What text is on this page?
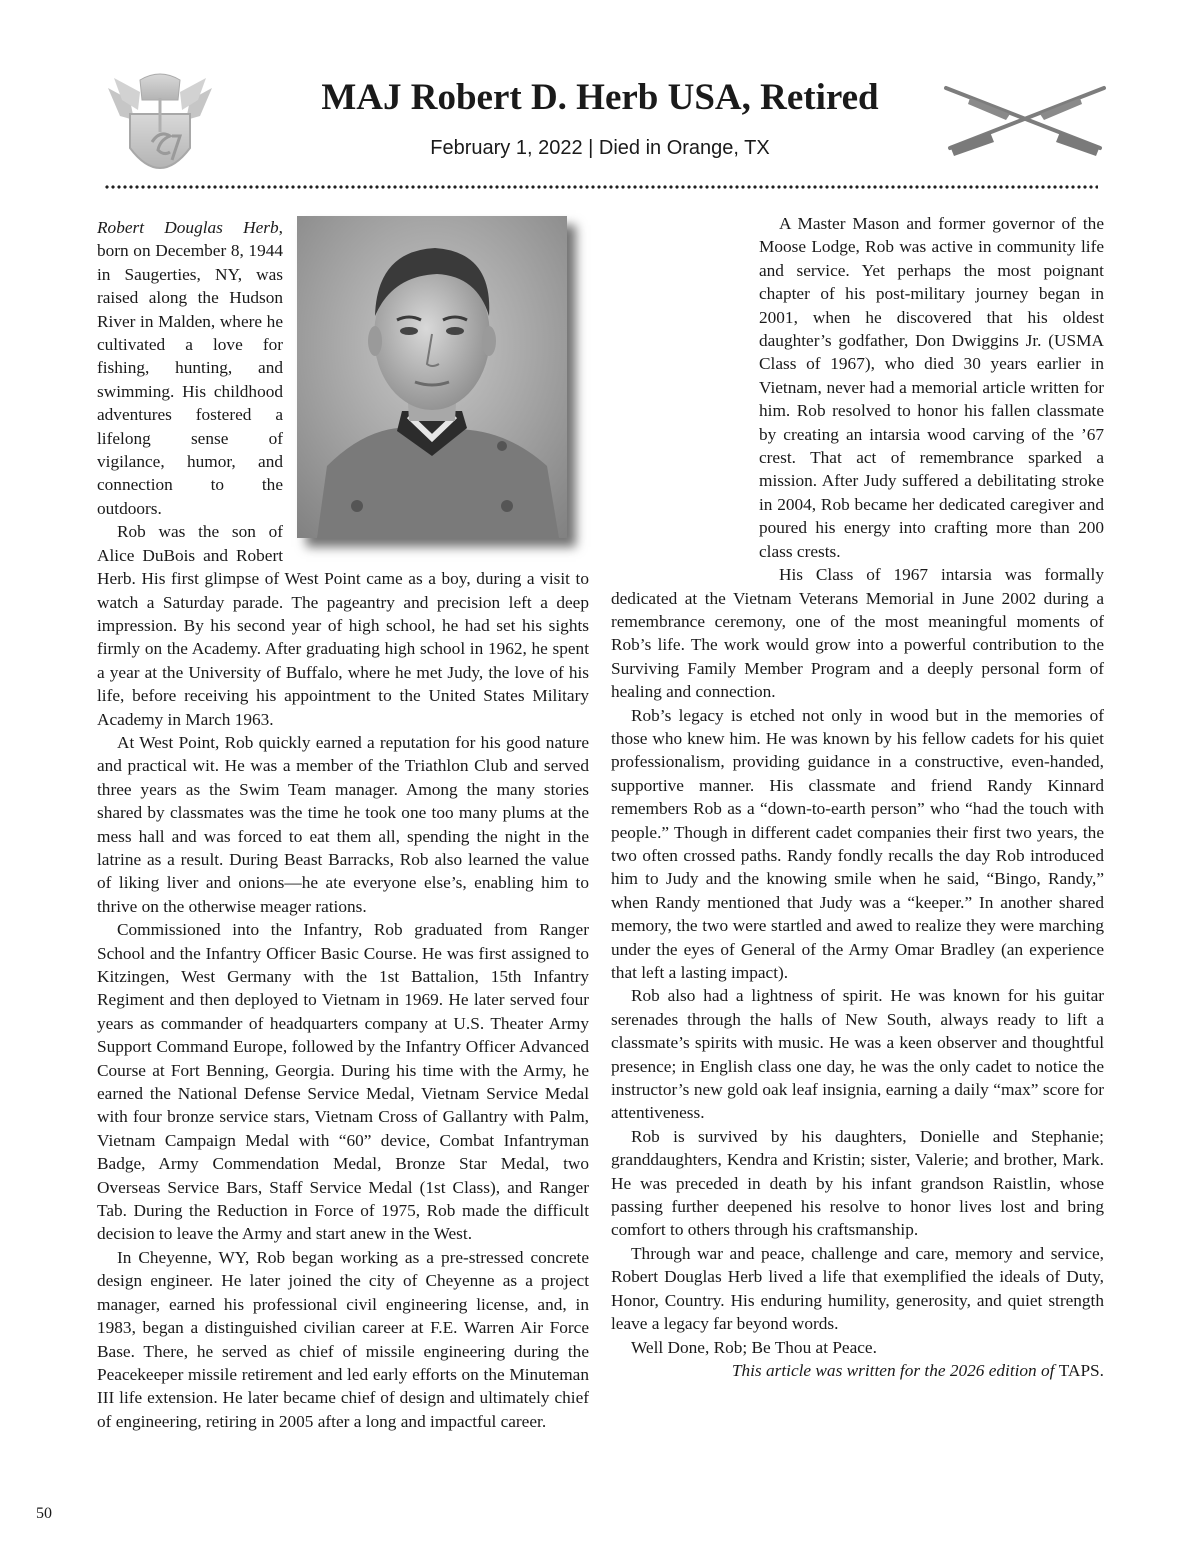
MAJ Robert D. Herb USA, Retired
February 1, 2022 | Died in Orange, TX

Robert Douglas Herb, born on December 8, 1944 in Saugerties, NY, was raised along the Hudson River in Malden, where he cultivated a love for fishing, hunting, and swimming. His childhood adventures fostered a lifelong sense of vigilance, humor, and connection to the outdoors.

Rob was the son of Alice DuBois and Robert Herb. His first glimpse of West Point came as a boy, during a visit to watch a Saturday parade. The pageantry and precision left a deep impression. By his second year of high school, he had set his sights firmly on the Academy. After graduating high school in 1962, he spent a year at the University of Buffalo, where he met Judy, the love of his life, before receiving his appointment to the United States Military Academy in March 1963.

At West Point, Rob quickly earned a reputation for his good nature and practical wit. He was a member of the Triathlon Club and served three years as the Swim Team manager. Among the many stories shared by classmates was the time he took one too many plums at the mess hall and was forced to eat them all, spending the night in the latrine as a result. During Beast Barracks, Rob also learned the value of liking liver and onions—he ate everyone else’s, enabling him to thrive on the otherwise meager rations.

Commissioned into the Infantry, Rob graduated from Ranger School and the Infantry Officer Basic Course. He was first assigned to Kitzingen, West Germany with the 1st Battalion, 15th Infantry Regiment and then deployed to Vietnam in 1969. He later served four years as commander of headquarters company at U.S. Theater Army Support Command Europe, followed by the Infantry Officer Advanced Course at Fort Benning, Georgia. During his time with the Army, he earned the National Defense Service Medal, Vietnam Service Medal with four bronze service stars, Vietnam Cross of Gallantry with Palm, Vietnam Campaign Medal with “60” device, Combat Infantryman Badge, Army Commendation Medal, Bronze Star Medal, two Overseas Service Bars, Staff Service Medal (1st Class), and Ranger Tab. During the Reduction in Force of 1975, Rob made the difficult decision to leave the Army and start anew in the West.

In Cheyenne, WY, Rob began working as a pre-stressed concrete design engineer. He later joined the city of Cheyenne as a project manager, earned his professional civil engineering license, and, in 1983, began a distinguished civilian career at F.E. Warren Air Force Base. There, he served as chief of missile engineering during the Peacekeeper missile retirement and led early efforts on the Minuteman III life extension. He later became chief of design and ultimately chief of engineering, retiring in 2005 after a long and impactful career.

A Master Mason and former governor of the Moose Lodge, Rob was active in community life and service. Yet perhaps the most poignant chapter of his post-military journey began in 2001, when he discovered that his oldest daughter’s godfather, Don Dwiggins Jr. (USMA Class of 1967), who died 30 years earlier in Vietnam, never had a memorial article written for him. Rob resolved to honor his fallen classmate by creating an intarsia wood carving of the ’67 crest. That act of remembrance sparked a mission. After Judy suffered a debilitating stroke in 2004, Rob became her dedicated caregiver and poured his energy into crafting more than 200 class crests.

His Class of 1967 intarsia was formally dedicated at the Vietnam Veterans Memorial in June 2002 during a remembrance ceremony, one of the most meaningful moments of Rob’s life. The work would grow into a powerful contribution to the Surviving Family Member Program and a deeply personal form of healing and connection.

Rob’s legacy is etched not only in wood but in the memories of those who knew him. He was known by his fellow cadets for his quiet professionalism, providing guidance in a constructive, even-handed, supportive manner. His classmate and friend Randy Kinnard remembers Rob as a “down-to-earth person” who “had the touch with people.” Though in different cadet companies their first two years, the two often crossed paths. Randy fondly recalls the day Rob introduced him to Judy and the knowing smile when he said, “Bingo, Randy,” when Randy mentioned that Judy was a “keeper.” In another shared memory, the two were startled and awed to realize they were marching under the eyes of General of the Army Omar Bradley (an experience that left a lasting impact).

Rob also had a lightness of spirit. He was known for his guitar serenades through the halls of New South, always ready to lift a classmate’s spirits with music. He was a keen observer and thoughtful presence; in English class one day, he was the only cadet to notice the instructor’s new gold oak leaf insignia, earning a daily “max” score for attentiveness.

Rob is survived by his daughters, Donielle and Stephanie; granddaughters, Kendra and Kristin; sister, Valerie; and brother, Mark. He was preceded in death by his infant grandson Raistlin, whose passing further deepened his resolve to honor lives lost and bring comfort to others through his craftsmanship.

Through war and peace, challenge and care, memory and service, Robert Douglas Herb lived a life that exemplified the ideals of Duty, Honor, Country. His enduring humility, generosity, and quiet strength leave a legacy far beyond words.

Well Done, Rob; Be Thou at Peace.

This article was written for the 2026 edition of TAPS.

50
